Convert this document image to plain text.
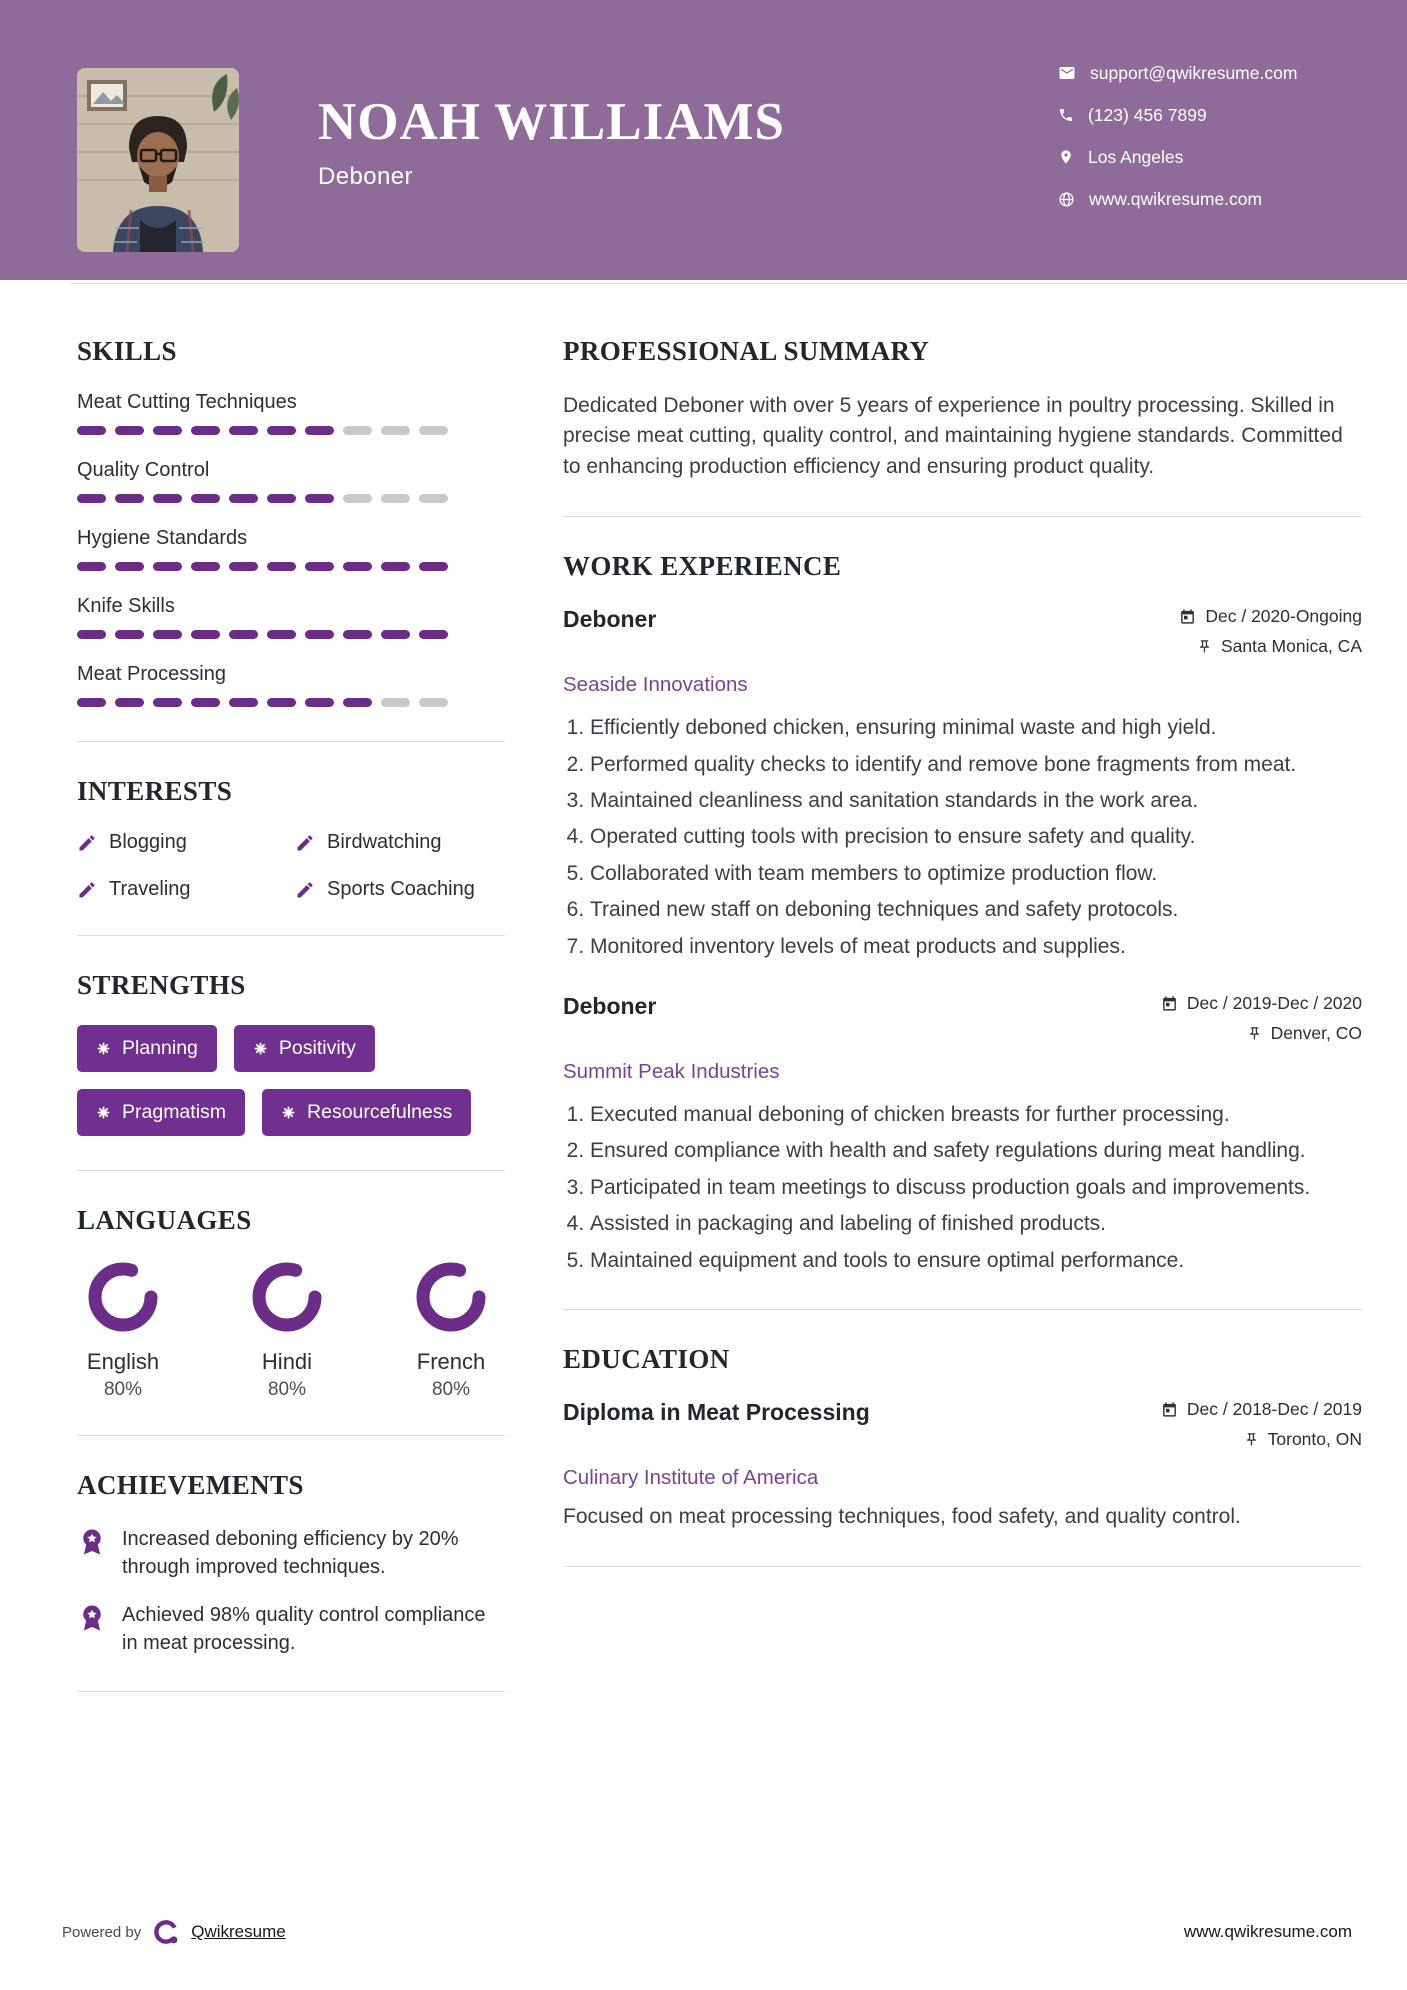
NOAH WILLIAMS
Deboner
support@qwikresume.com
(123) 456 7899
Los Angeles
www.qwikresume.com
SKILLS
Meat Cutting Techniques
Quality Control
Hygiene Standards
Knife Skills
Meat Processing
INTERESTS
Blogging	Birdwatching
Traveling	Sports Coaching
STRENGTHS
Planning	Positivity
Pragmatism	Resourcefulness
LANGUAGES
English
80%
Hindi
80%
French
80%
ACHIEVEMENTS
Increased deboning efficiency by 20% through improved techniques.
Achieved 98% quality control compliance in meat processing.
PROFESSIONAL SUMMARY

Dedicated Deboner with over 5 years of experience in poultry processing. Skilled in precise meat cutting, quality control, and maintaining hygiene standards. Committed to enhancing production efficiency and ensuring product quality.

WORK EXPERIENCE
Deboner	Dec / 2020-Ongoing
Santa Monica, CA
Seaside Innovations
1. Efficiently deboned chicken, ensuring minimal waste and high yield.
2. Performed quality checks to identify and remove bone fragments from meat.
3. Maintained cleanliness and sanitation standards in the work area.
4. Operated cutting tools with precision to ensure safety and quality.
5. Collaborated with team members to optimize production flow.
6. Trained new staff on deboning techniques and safety protocols.
7. Monitored inventory levels of meat products and supplies.
Deboner	Dec / 2019-Dec / 2020
Denver, CO
Summit Peak Industries
1. Executed manual deboning of chicken breasts for further processing.
2. Ensured compliance with health and safety regulations during meat handling.
3. Participated in team meetings to discuss production goals and improvements.
4. Assisted in packaging and labeling of finished products.
5. Maintained equipment and tools to ensure optimal performance.
EDUCATION
Diploma in Meat Processing	Dec / 2018-Dec / 2019
Toronto, ON
Culinary Institute of America
Focused on meat processing techniques, food safety, and quality control.
Powered by	Qwikresume	www.qwikresume.com
